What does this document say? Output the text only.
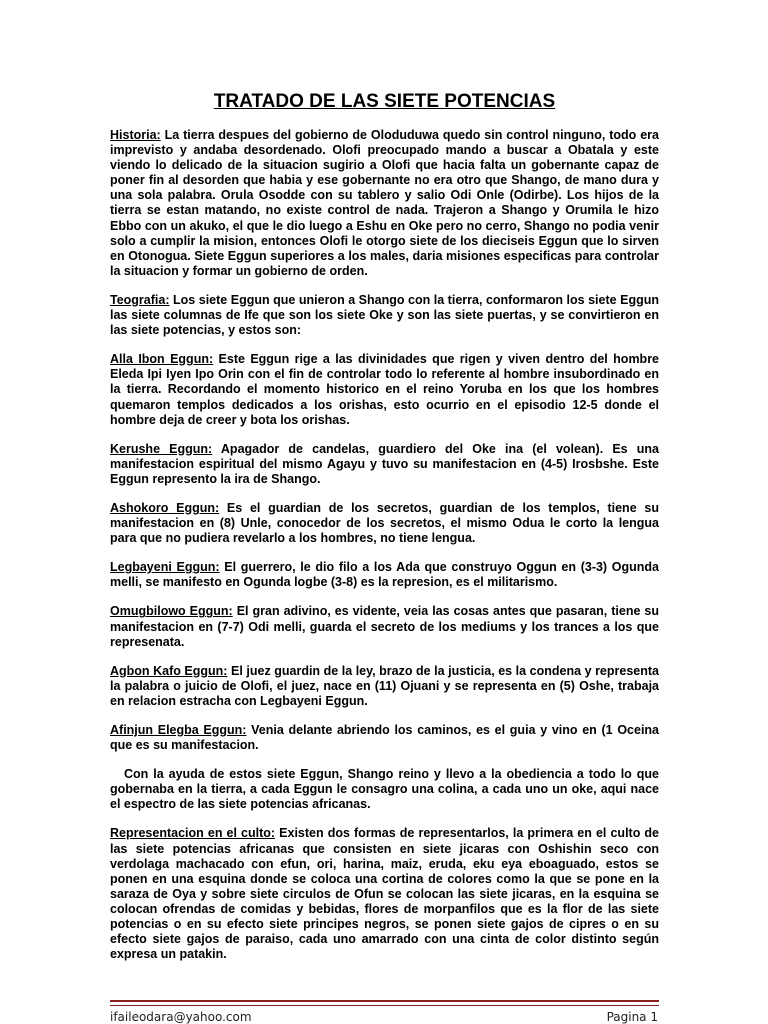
TRATADO DE LAS SIETE POTENCIAS

Historia: La tierra despues del gobierno de Oloduduwa quedo sin control ninguno, todo era imprevisto y andaba desordenado. Olofi preocupado mando a buscar a Obatala y este viendo lo delicado de la situacion sugirio a Olofi que hacia falta un gobernante capaz de poner fin al desorden que habia y ese gobernante no era otro que Shango, de mano dura y una sola palabra. Orula Osodde con su tablero y salio Odi Onle (Odirbe). Los hijos de la tierra se estan matando, no existe control de nada. Trajeron a Shango y Orumila le hizo Ebbo con un akuko, el que le dio luego a Eshu en Oke pero no cerro, Shango no podia venir solo a cumplir la mision, entonces Olofi le otorgo siete de los dieciseis Eggun que lo sirven en Otonogua. Siete Eggun superiores a los males, daria misiones especificas para controlar la situacion y formar un gobierno de orden.

Teografia: Los siete Eggun que unieron a Shango con la tierra, conformaron los siete Eggun las siete columnas de Ife que son los siete Oke y son las siete puertas, y se convirtieron en las siete potencias, y estos son:

Alla Ibon Eggun: Este Eggun rige a las divinidades que rigen y viven dentro del hombre Eleda Ipi Iyen Ipo Orin con el fin de controlar todo lo referente al hombre insubordinado en la tierra. Recordando el momento historico en el reino Yoruba en los que los hombres quemaron templos dedicados a los orishas, esto ocurrio en el episodio 12-5 donde el hombre deja de creer y bota los orishas.

Kerushe Eggun: Apagador de candelas, guardiero del Oke ina (el volean). Es una manifestacion espiritual del mismo Agayu y tuvo su manifestacion en (4-5) Irosbshe. Este Eggun represento la ira de Shango.

Ashokoro Eggun: Es el guardian de los secretos, guardian de los templos, tiene su manifestacion en (8) Unle, conocedor de los secretos, el mismo Odua le corto la lengua para que no pudiera revelarlo a los hombres, no tiene lengua.

Legbayeni Eggun: El guerrero, le dio filo a los Ada que construyo Oggun en (3-3) Ogunda melli, se manifesto en Ogunda logbe (3-8) es la represion, es el militarismo.

Omugbilowo Eggun: El gran adivino, es vidente, veia las cosas antes que pasaran, tiene su manifestacion en (7-7) Odi melli, guarda el secreto de los mediums y los trances a los que represenata.

Agbon Kafo Eggun: El juez guardin de la ley, brazo de la justicia, es la condena y representa la palabra o juicio de Olofi, el juez, nace en (11) Ojuani y se representa en (5) Oshe, trabaja en relacion estracha con Legbayeni Eggun.

Afinjun Elegba Eggun: Venia delante abriendo los caminos, es el guia y vino en (1 Oceina que es su manifestacion.

Con la ayuda de estos siete Eggun, Shango reino y llevo a la obediencia a todo lo que gobernaba en la tierra, a cada Eggun le consagro una colina, a cada uno un oke, aqui nace el espectro de las siete potencias africanas.

Representacion en el culto: Existen dos formas de representarlos, la primera en el culto de las siete potencias africanas que consisten en siete jicaras con Oshishin seco con verdolaga machacado con efun, ori, harina, maiz, eruda, eku eya eboaguado, estos se ponen en una esquina donde se coloca una cortina de colores como la que se pone en la saraza de Oya y sobre siete circulos de Ofun se colocan las siete jicaras, en la esquina se colocan ofrendas de comidas y bebidas, flores de morpanfilos que es la flor de las siete potencias o en su efecto siete principes negros, se ponen siete gajos de cipres o en su efecto siete gajos de paraiso, cada uno amarrado con una cinta de color distinto según expresa un patakin.

ifaileodara@yahoo.com	Pagina 1
